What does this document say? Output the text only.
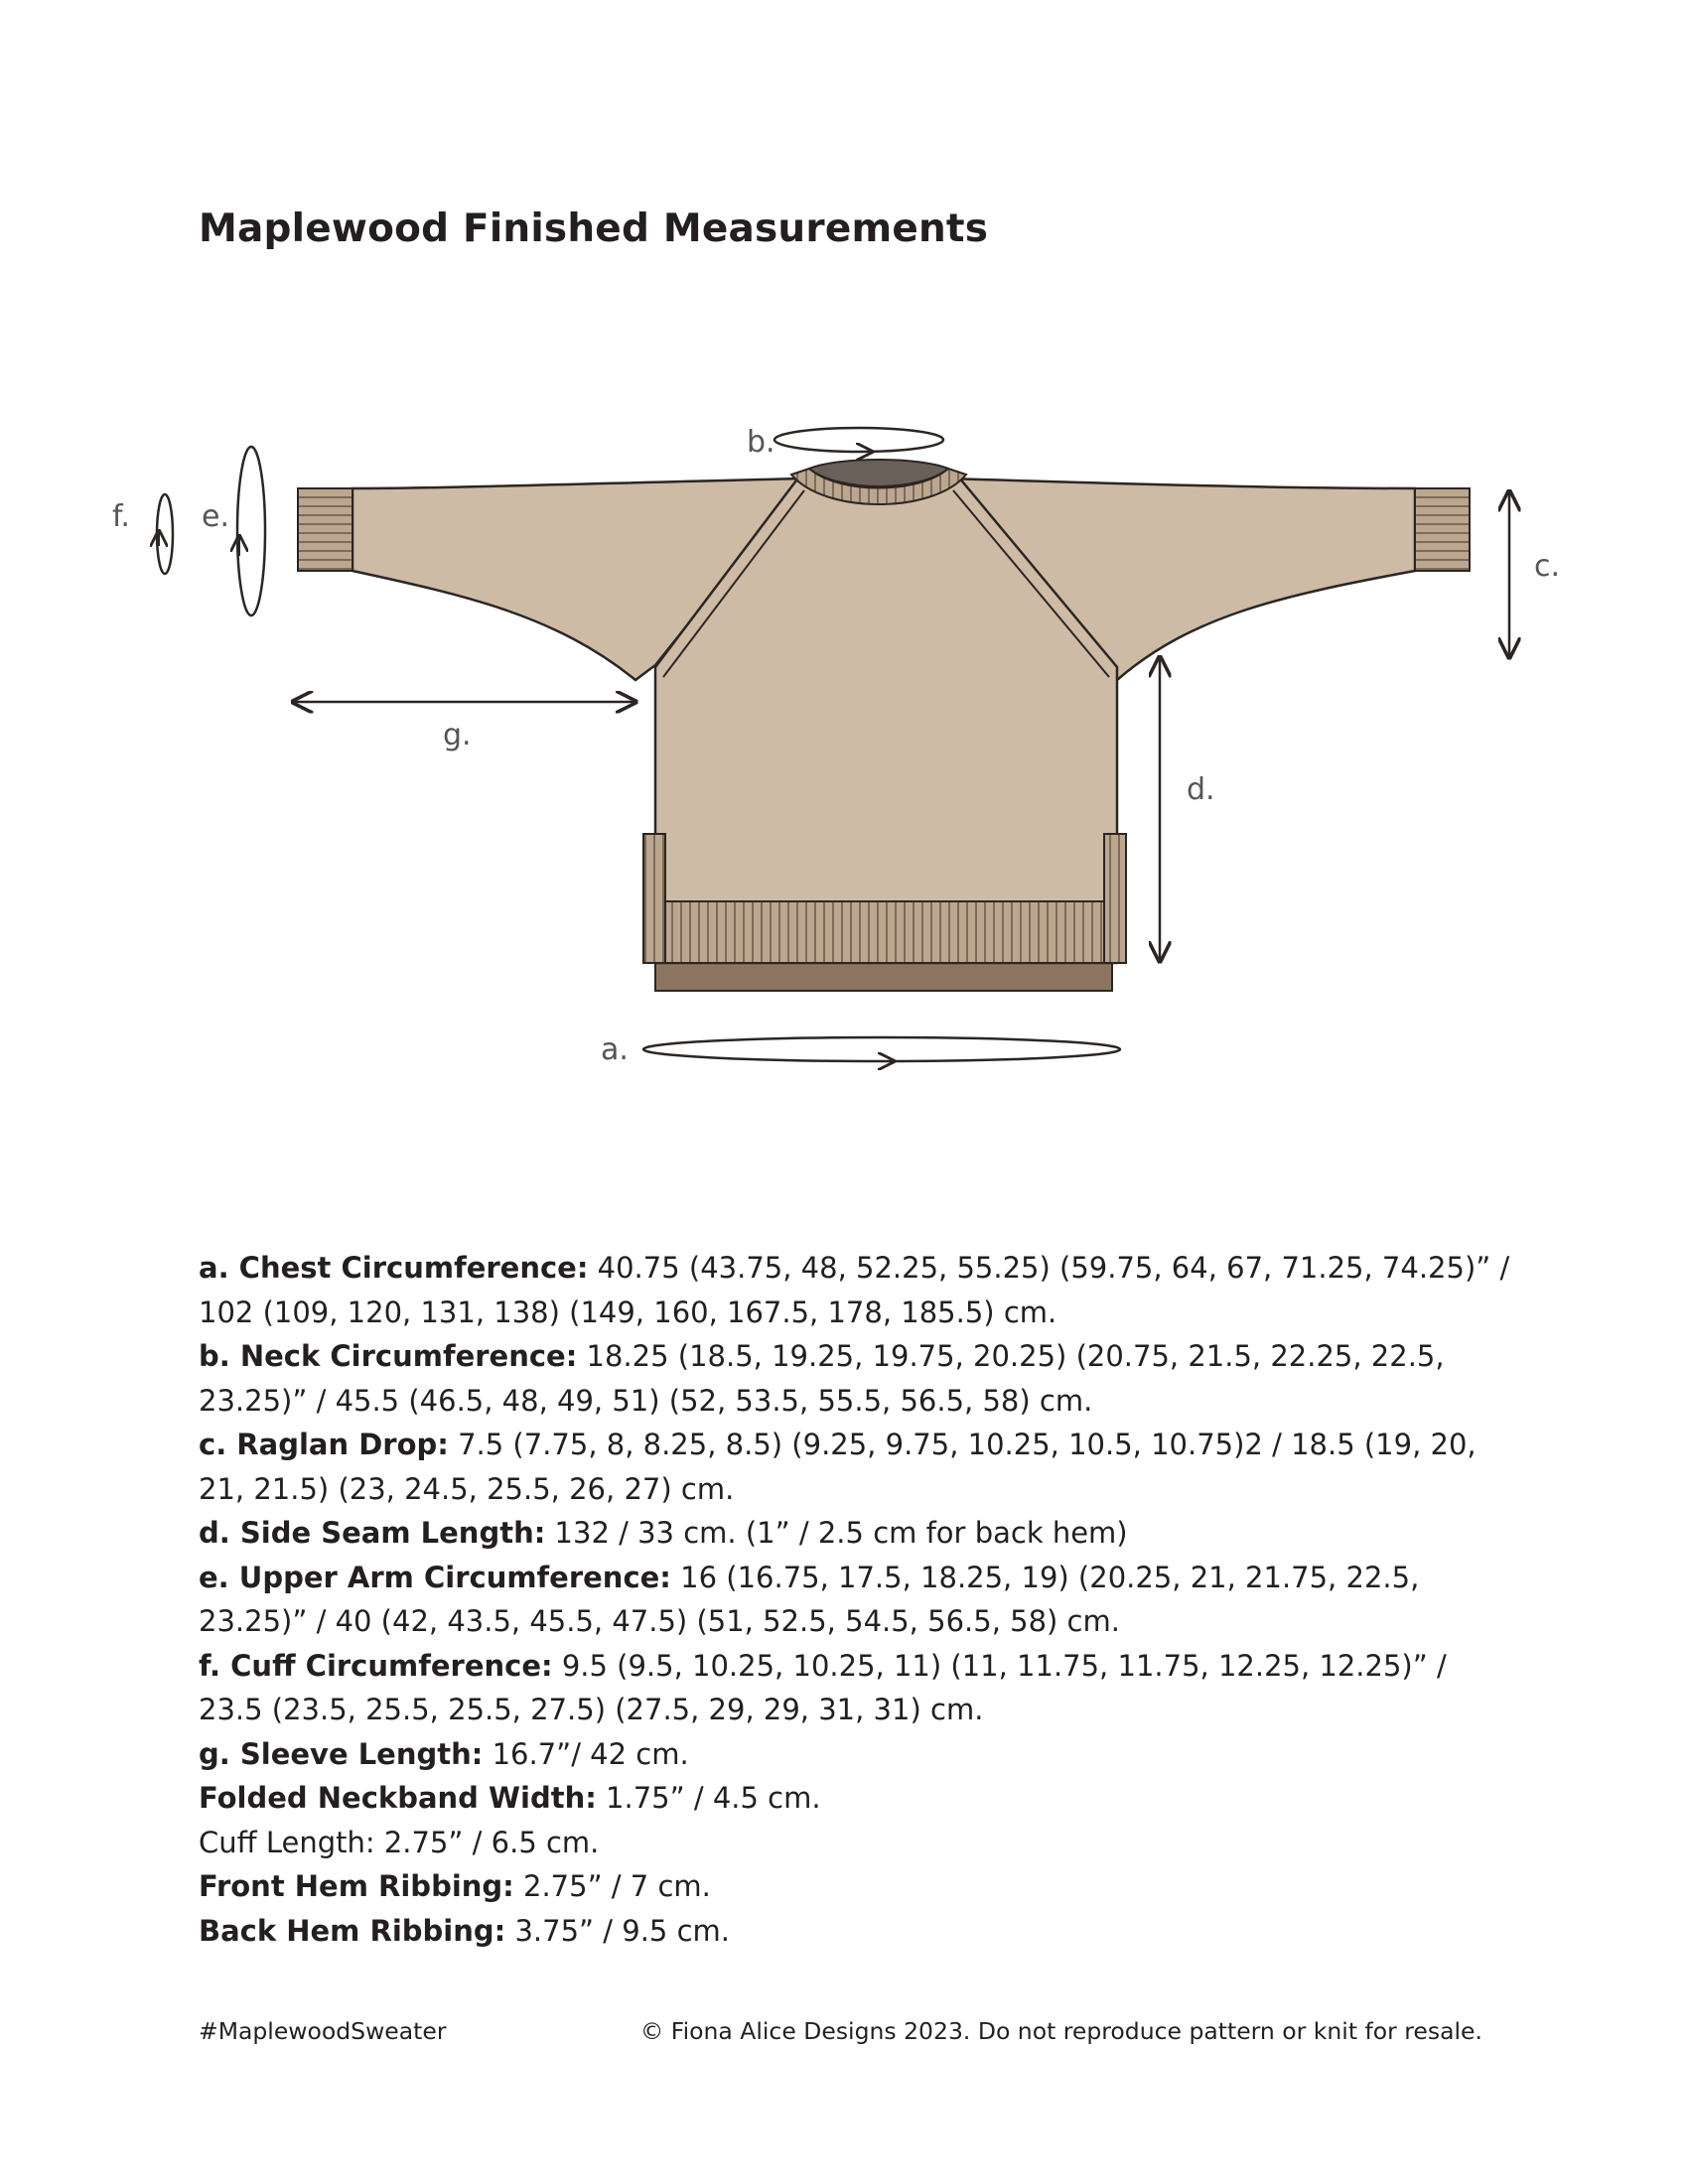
Maplewood Finished Measurements
b.
c.
d.
e.
f.
g.
a.

a. Chest Circumference: 40.75 (43.75, 48, 52.25, 55.25) (59.75, 64, 67, 71.25, 74.25)” / 102 (109, 120, 131, 138) (149, 160, 167.5, 178, 185.5) cm.

b. Neck Circumference: 18.25 (18.5, 19.25, 19.75, 20.25) (20.75, 21.5, 22.25, 22.5, 23.25)” / 45.5 (46.5, 48, 49, 51) (52, 53.5, 55.5, 56.5, 58) cm.

c. Raglan Drop: 7.5 (7.75, 8, 8.25, 8.5) (9.25, 9.75, 10.25, 10.5, 10.75)2 / 18.5 (19, 20, 21, 21.5) (23, 24.5, 25.5, 26, 27) cm.

d. Side Seam Length: 132 / 33 cm. (1” / 2.5 cm for back hem)

e. Upper Arm Circumference: 16 (16.75, 17.5, 18.25, 19) (20.25, 21, 21.75, 22.5, 23.25)” / 40 (42, 43.5, 45.5, 47.5) (51, 52.5, 54.5, 56.5, 58) cm.

f. Cuff Circumference: 9.5 (9.5, 10.25, 10.25, 11) (11, 11.75, 11.75, 12.25, 12.25)” / 23.5 (23.5, 25.5, 25.5, 27.5) (27.5, 29, 29, 31, 31) cm.

g. Sleeve Length: 16.7”/ 42 cm.

Folded Neckband Width: 1.75” / 4.5 cm.

Cuff Length: 2.75” / 6.5 cm.

Front Hem Ribbing: 2.75” / 7 cm.

Back Hem Ribbing: 3.75” / 9.5 cm.

#MaplewoodSweater	© Fiona Alice Designs 2023. Do not reproduce pattern or knit for resale.
